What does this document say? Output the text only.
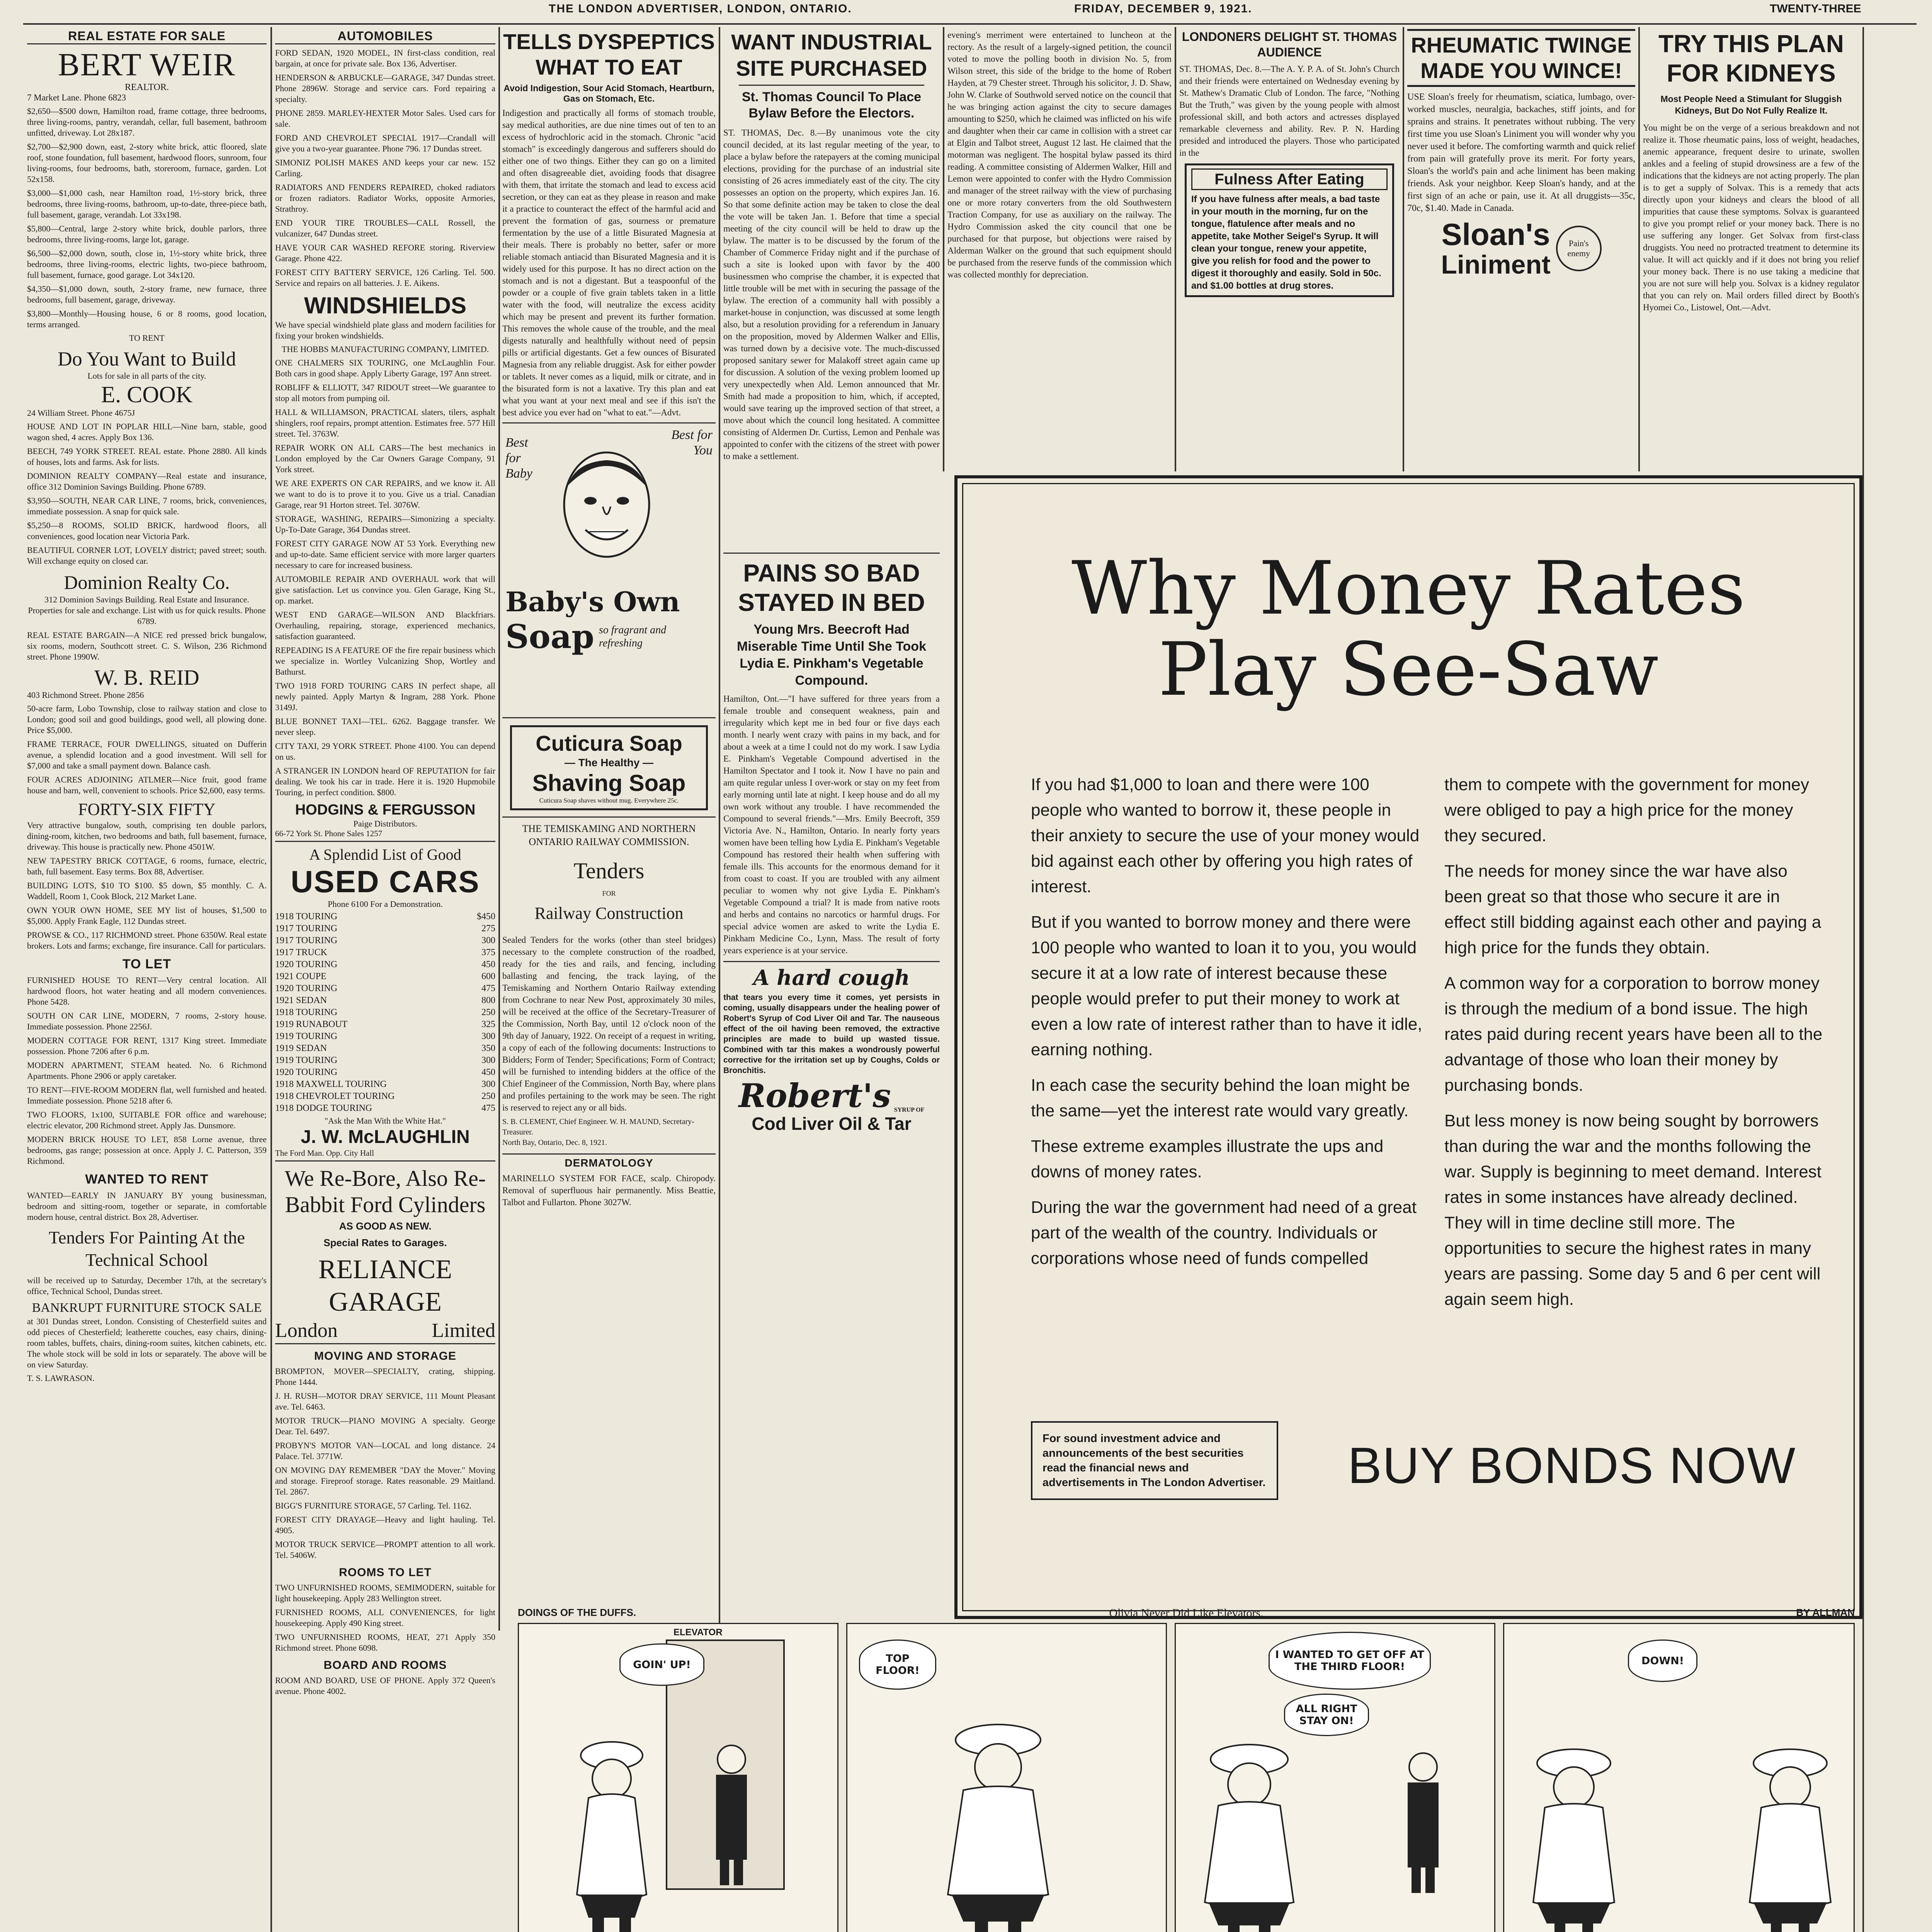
THE LONDON ADVERTISER, LONDON, ONTARIO.	FRIDAY, DECEMBER 9, 1921.	TWENTY-THREE
REAL ESTATE FOR SALE
BERT WEIR
REALTOR.
7 Market Lane. Phone 6823

$2,650—$500 down, Hamilton road, frame cottage, three bedrooms, three living-rooms, pantry, verandah, cellar, full basement, bathroom unfitted, driveway. Lot 28x187.

$2,700—$2,900 down, east, 2-story white brick, attic floored, slate roof, stone foundation, full basement, hardwood floors, sunroom, four living-rooms, four bedrooms, bath, storeroom, furnace, garden. Lot 52x158.

$3,000—$1,000 cash, near Hamilton road, 1½-story brick, three bedrooms, three living-rooms, bathroom, up-to-date, three-piece bath, full basement, garage, verandah. Lot 33x198.

$5,800—Central, large 2-story white brick, double parlors, three bedrooms, three living-rooms, large lot, garage.

$6,500—$2,000 down, south, close in, 1½-story white brick, three bedrooms, three living-rooms, electric lights, two-piece bathroom, full basement, furnace, good garage. Lot 34x120.

$4,350—$1,000 down, south, 2-story frame, new furnace, three bedrooms, full basement, garage, driveway.

$3,800—Monthly—Housing house, 6 or 8 rooms, good location, terms arranged.

TO RENT
Do You Want to Build
Lots for sale in all parts of the city.
E. COOK
24 William Street. Phone 4675J

HOUSE AND LOT IN POPLAR HILL—Nine barn, stable, good wagon shed, 4 acres. Apply Box 136.

BEECH, 749 YORK STREET. REAL estate. Phone 2880. All kinds of houses, lots and farms. Ask for lists.

DOMINION REALTY COMPANY—Real estate and insurance, office 312 Dominion Savings Building. Phone 6789.

$3,950—SOUTH, NEAR CAR LINE, 7 rooms, brick, conveniences, immediate possession. A snap for quick sale.

$5,250—8 ROOMS, SOLID BRICK, hardwood floors, all conveniences, good location near Victoria Park.

BEAUTIFUL CORNER LOT, LOVELY district; paved street; south. Will exchange equity on closed car.

Dominion Realty Co.

312 Dominion Savings Building. Real Estate and Insurance. Properties for sale and exchange. List with us for quick results. Phone 6789.

REAL ESTATE BARGAIN—A NICE red pressed brick bungalow, six rooms, modern, Southcott street. C. S. Wilson, 236 Richmond street. Phone 1990W.

W. B. REID
403 Richmond Street. Phone 2856

50-acre farm, Lobo Township, close to railway station and close to London; good soil and good buildings, good well, all plowing done. Price $5,000.

FRAME TERRACE, FOUR DWELLINGS, situated on Dufferin avenue, a splendid location and a good investment. Will sell for $7,000 and take a small payment down. Balance cash.

FOUR ACRES ADJOINING ATLMER—Nice fruit, good frame house and barn, well, convenient to schools. Price $2,600, easy terms.

FORTY-SIX FIFTY

Very attractive bungalow, south, comprising ten double parlors, dining-room, kitchen, two bedrooms and bath, full basement, furnace, driveway. This house is practically new. Phone 4501W.

NEW TAPESTRY BRICK COTTAGE, 6 rooms, furnace, electric, bath, full basement. Easy terms. Box 88, Advertiser.

BUILDING LOTS, $10 TO $100. $5 down, $5 monthly. C. A. Waddell, Room 1, Cook Block, 212 Market Lane.

OWN YOUR OWN HOME, SEE MY list of houses, $1,500 to $5,000. Apply Frank Eagle, 112 Dundas street.

PROWSE & CO., 117 RICHMOND street. Phone 6350W. Real estate brokers. Lots and farms; exchange, fire insurance. Call for particulars.

TO LET

FURNISHED HOUSE TO RENT—Very central location. All hardwood floors, hot water heating and all modern conveniences. Phone 5428.

SOUTH ON CAR LINE, MODERN, 7 rooms, 2-story house. Immediate possession. Phone 2256J.

MODERN COTTAGE FOR RENT, 1317 King street. Immediate possession. Phone 7206 after 6 p.m.

MODERN APARTMENT, STEAM heated. No. 6 Richmond Apartments. Phone 2906 or apply caretaker.

TO RENT—FIVE-ROOM MODERN flat, well furnished and heated. Immediate possession. Phone 5218 after 6.

TWO FLOORS, 1x100, SUITABLE FOR office and warehouse; electric elevator, 200 Richmond street. Apply Jas. Dunsmore.

MODERN BRICK HOUSE TO LET, 858 Lorne avenue, three bedrooms, gas range; possession at once. Apply J. C. Patterson, 359 Richmond.

WANTED TO RENT

WANTED—EARLY IN JANUARY BY young businessman, bedroom and sitting-room, together or separate, in comfortable modern house, central district. Box 28, Advertiser.

Tenders For Painting At the Technical School

will be received up to Saturday, December 17th, at the secretary's office, Technical School, Dundas street.

BANKRUPT FURNITURE STOCK SALE

at 301 Dundas street, London. Consisting of Chesterfield suites and odd pieces of Chesterfield; leatherette couches, easy chairs, dining-room tables, buffets, chairs, dining-room suites, kitchen cabinets, etc. The whole stock will be sold in lots or separately. The above will be on view Saturday.

T. S. LAWRASON.
AUTOMOBILES

FORD SEDAN, 1920 MODEL, IN first-class condition, real bargain, at once for private sale. Box 136, Advertiser.

HENDERSON & ARBUCKLE—GARAGE, 347 Dundas street. Phone 2896W. Storage and service cars. Ford repairing a specialty.

PHONE 2859. MARLEY-HEXTER Motor Sales. Used cars for sale.

FORD AND CHEVROLET SPECIAL 1917—Crandall will give you a two-year guarantee. Phone 796. 17 Dundas street.

SIMONIZ POLISH MAKES AND keeps your car new. 152 Carling.

RADIATORS AND FENDERS REPAIRED, choked radiators or frozen radiators. Radiator Works, opposite Armories, Strathroy.

END YOUR TIRE TROUBLES—CALL Rossell, the vulcanizer, 647 Dundas street.

HAVE YOUR CAR WASHED REFORE storing. Riverview Garage. Phone 422.

FOREST CITY BATTERY SERVICE, 126 Carling. Tel. 500. Service and repairs on all batteries. J. E. Aikens.

WINDSHIELDS

We have special windshield plate glass and modern facilities for fixing your broken windshields.

THE HOBBS MANUFACTURING COMPANY, LIMITED.

ONE CHALMERS SIX TOURING, one McLaughlin Four. Both cars in good shape. Apply Liberty Garage, 197 Ann street.

ROBLIFF & ELLIOTT, 347 RIDOUT street—We guarantee to stop all motors from pumping oil.

HALL & WILLIAMSON, PRACTICAL slaters, tilers, asphalt shinglers, roof repairs, prompt attention. Estimates free. 577 Hill street. Tel. 3763W.

REPAIR WORK ON ALL CARS—The best mechanics in London employed by the Car Owners Garage Company, 91 York street.

WE ARE EXPERTS ON CAR REPAIRS, and we know it. All we want to do is to prove it to you. Give us a trial. Canadian Garage, rear 91 Horton street. Tel. 3076W.

STORAGE, WASHING, REPAIRS—Simonizing a specialty. Up-To-Date Garage, 364 Dundas street.

FOREST CITY GARAGE NOW AT 53 York. Everything new and up-to-date. Same efficient service with more larger quarters necessary to care for increased business.

AUTOMOBILE REPAIR AND OVERHAUL work that will give satisfaction. Let us convince you. Glen Garage, King St., op. market.

WEST END GARAGE—WILSON AND Blackfriars. Overhauling, repairing, storage, experienced mechanics, satisfaction guaranteed.

REPEADING IS A FEATURE OF the fire repair business which we specialize in. Wortley Vulcanizing Shop, Wortley and Bathurst.

TWO 1918 FORD TOURING CARS IN perfect shape, all newly painted. Apply Martyn & Ingram, 288 York. Phone 3149J.

BLUE BONNET TAXI—TEL. 6262. Baggage transfer. We never sleep.

CITY TAXI, 29 YORK STREET. Phone 4100. You can depend on us.

A STRANGER IN LONDON heard OF REPUTATION for fair dealing. We took his car in trade. Here it is. 1920 Hupmobile Touring, in perfect condition. $800.

HODGINS & FERGUSSON
Paige Distributors.
66-72 York St. Phone Sales 1257
A Splendid List of Good
USED CARS
Phone 6100 For a Demonstration.
1918 TOURING	$450
1917 TOURING	275
1917 TOURING	300
1917 TRUCK	375
1920 TOURING	450
1921 COUPE	600
1920 TOURING	475
1921 SEDAN	800
1918 TOURING	250
1919 RUNABOUT	325
1919 TOURING	300
1919 SEDAN	350
1919 TOURING	300
1920 TOURING	450
1918 MAXWELL TOURING	300
1918 CHEVROLET TOURING	250
1918 DODGE TOURING	475
"Ask the Man With the White Hat."
J. W. McLAUGHLIN
The Ford Man. Opp. City Hall
We Re-Bore, Also Re-Babbit Ford Cylinders
AS GOOD AS NEW.
Special Rates to Garages.
RELIANCE GARAGE
London	Limited
MOVING AND STORAGE

BROMPTON, MOVER—SPECIALTY, crating, shipping. Phone 1444.

J. H. RUSH—MOTOR DRAY SERVICE, 111 Mount Pleasant ave. Tel. 6463.

MOTOR TRUCK—PIANO MOVING A specialty. George Dear. Tel. 6497.

PROBYN'S MOTOR VAN—LOCAL and long distance. 24 Palace. Tel. 3771W.

ON MOVING DAY REMEMBER "DAY the Mover." Moving and storage. Fireproof storage. Rates reasonable. 29 Maitland. Tel. 2867.

BIGG'S FURNITURE STORAGE, 57 Carling. Tel. 1162.

FOREST CITY DRAYAGE—Heavy and light hauling. Tel. 4905.

MOTOR TRUCK SERVICE—PROMPT attention to all work. Tel. 5406W.

ROOMS TO LET

TWO UNFURNISHED ROOMS, SEMIMODERN, suitable for light housekeeping. Apply 283 Wellington street.

FURNISHED ROOMS, ALL CONVENIENCES, for light housekeeping. Apply 490 King street.

TWO UNFURNISHED ROOMS, HEAT, 271 Apply 350 Richmond street. Phone 6098.

BOARD AND ROOMS

ROOM AND BOARD, USE OF PHONE. Apply 372 Queen's avenue. Phone 4002.

TELLS DYSPEPTICS WHAT TO EAT
Avoid Indigestion, Sour Acid Stomach, Heartburn, Gas on Stomach, Etc.

Indigestion and practically all forms of stomach trouble, say medical authorities, are due nine times out of ten to an excess of hydrochloric acid in the stomach. Chronic "acid stomach" is exceedingly dangerous and sufferers should do either one of two things. Either they can go on a limited and often disagreeable diet, avoiding foods that disagree with them, that irritate the stomach and lead to excess acid secretion, or they can eat as they please in reason and make it a practice to counteract the effect of the harmful acid and prevent the formation of gas, sourness or premature fermentation by the use of a little Bisurated Magnesia at their meals. There is probably no better, safer or more reliable stomach antiacid than Bisurated Magnesia and it is widely used for this purpose. It has no direct action on the stomach and is not a digestant. But a teaspoonful of the powder or a couple of five grain tablets taken in a little water with the food, will neutralize the excess acidity which may be present and prevent its further formation. This removes the whole cause of the trouble, and the meal digests naturally and healthfully without need of pepsin pills or artificial digestants. Get a few ounces of Bisurated Magnesia from any reliable druggist. Ask for either powder or tablets. It never comes as a liquid, milk or citrate, and in the bisurated form is not a laxative. Try this plan and eat what you want at your next meal and see if this isn't the best advice you ever had on "what to eat."—Advt.

Best for Baby
Best for You
Baby's Own
Soap so fragrant and refreshing
Cuticura Soap
— The Healthy —
Shaving Soap
Cuticura Soap shaves without mug. Everywhere 25c.
THE TEMISKAMING AND NORTHERN ONTARIO RAILWAY COMMISSION.
Tenders
FOR
Railway Construction

Sealed Tenders for the works (other than steel bridges) necessary to the complete construction of the roadbed, ready for the ties and rails, and fencing, including ballasting and fencing, the track laying, of the Temiskaming and Northern Ontario Railway extending from Cochrane to near New Post, approximately 30 miles, will be received at the office of the Secretary-Treasurer of the Commission, North Bay, until 12 o'clock noon of the 9th day of January, 1922. On receipt of a request in writing, a copy of each of the following documents: Instructions to Bidders; Form of Tender; Specifications; Form of Contract; will be furnished to intending bidders at the office of the Chief Engineer of the Commission, North Bay, where plans and profiles pertaining to the work may be seen. The right is reserved to reject any or all bids.

S. B. CLEMENT, Chief Engineer. W. H. MAUND, Secretary-Treasurer.
North Bay, Ontario, Dec. 8, 1921.
DERMATOLOGY

MARINELLO SYSTEM FOR FACE, scalp. Chiropody. Removal of superfluous hair permanently. Miss Beattie, Talbot and Fullarton. Phone 3027W.

WANT INDUSTRIAL SITE PURCHASED
St. Thomas Council To Place Bylaw Before the Electors.

ST. THOMAS, Dec. 8.—By unanimous vote the city council decided, at its last regular meeting of the year, to place a bylaw before the ratepayers at the coming municipal elections, providing for the purchase of an industrial site consisting of 26 acres immediately east of the city. The city possesses an option on the property, which expires Jan. 16. So that some definite action may be taken to close the deal the vote will be taken Jan. 1. Before that time a special meeting of the city council will be held to draw up the bylaw. The matter is to be discussed by the forum of the Chamber of Commerce Friday night and if the purchase of such a site is looked upon with favor by the 400 businessmen who comprise the chamber, it is expected that little trouble will be met with in securing the passage of the bylaw. The erection of a community hall with possibly a market-house in conjunction, was discussed at some length also, but a resolution providing for a referendum in January on the proposition, moved by Aldermen Walker and Ellis, was turned down by a decisive vote. The much-discussed proposed sanitary sewer for Malakoff street again came up for discussion. A solution of the vexing problem loomed up very unexpectedly when Ald. Lemon announced that Mr. Smith had made a proposition to him, which, if accepted, would save tearing up the improved section of that street, a move about which the council long hesitated. A committee consisting of Aldermen Dr. Curtiss, Lemon and Penhale was appointed to confer with the citizens of the street with power to make a settlement.

PAINS SO BAD STAYED IN BED
Young Mrs. Beecroft Had Miserable Time Until She Took Lydia E. Pinkham's Vegetable Compound.

Hamilton, Ont.—"I have suffered for three years from a female trouble and consequent weakness, pain and irregularity which kept me in bed four or five days each month. I nearly went crazy with pains in my back, and for about a week at a time I could not do my work. I saw Lydia E. Pinkham's Vegetable Compound advertised in the Hamilton Spectator and I took it. Now I have no pain and am quite regular unless I over-work or stay on my feet from early morning until late at night. I keep house and do all my own work without any trouble. I have recommended the Compound to several friends."—Mrs. Emily Beecroft, 359 Victoria Ave. N., Hamilton, Ontario. In nearly forty years women have been telling how Lydia E. Pinkham's Vegetable Compound has restored their health when suffering with female ills. This accounts for the enormous demand for it from coast to coast. If you are troubled with any ailment peculiar to women why not give Lydia E. Pinkham's Vegetable Compound a trial? It is made from native roots and herbs and contains no narcotics or harmful drugs. For special advice women are asked to write the Lydia E. Pinkham Medicine Co., Lynn, Mass. The result of forty years experience is at your service.

A hard cough

that tears you every time it comes, yet persists in coming, usually disappears under the healing power of Robert's Syrup of Cod Liver Oil and Tar. The nauseous effect of the oil having been removed, the extractive principles are made to build up wasted tissue. Combined with tar this makes a wondrously powerful corrective for the irritation set up by Coughs, Colds or Bronchitis.

Robert's SYRUP OF
Cod Liver Oil & Tar

evening's merriment were entertained to luncheon at the rectory. As the result of a largely-signed petition, the council voted to move the polling booth in division No. 5, from Wilson street, this side of the bridge to the home of Robert Hayden, at 79 Chester street. Through his solicitor, J. D. Shaw, John W. Clarke of Southwold served notice on the council that he was bringing action against the city to secure damages amounting to $250, which he claimed was inflicted on his wife and daughter when their car came in collision with a street car at Elgin and Talbot street, August 12 last. He claimed that the motorman was negligent. The hospital bylaw passed its third reading. A committee consisting of Aldermen Walker, Hill and Lemon were appointed to confer with the Hydro Commission and manager of the street railway with the view of purchasing one or more rotary converters from the old Southwestern Traction Company, for use as auxiliary on the railway. The Hydro Commission asked the city council that one be purchased for that purpose, but objections were raised by Alderman Walker on the ground that such equipment should be purchased from the reserve funds of the commission which was collected monthly for depreciation.

LONDONERS DELIGHT ST. THOMAS AUDIENCE

ST. THOMAS, Dec. 8.—The A. Y. P. A. of St. John's Church and their friends were entertained on Wednesday evening by St. Mathew's Dramatic Club of London. The farce, "Nothing But the Truth," was given by the young people with almost professional skill, and both actors and actresses displayed remarkable cleverness and ability. Rev. P. N. Harding presided and introduced the players. Those who participated in the

Fulness After Eating

If you have fulness after meals, a bad taste in your mouth in the morning, fur on the tongue, flatulence after meals and no appetite, take Mother Seigel's Syrup. It will clean your tongue, renew your appetite, give you relish for food and the power to digest it thoroughly and easily. Sold in 50c. and $1.00 bottles at drug stores.

RHEUMATIC TWINGE MADE YOU WINCE!

USE Sloan's freely for rheumatism, sciatica, lumbago, over-worked muscles, neuralgia, backaches, stiff joints, and for sprains and strains. It penetrates without rubbing. The very first time you use Sloan's Liniment you will wonder why you never used it before. The comforting warmth and quick relief from pain will gratefully prove its merit. For forty years, Sloan's the world's pain and ache liniment has been making friends. Ask your neighbor. Keep Sloan's handy, and at the first sign of an ache or pain, use it. At all druggists—35c, 70c, $1.40. Made in Canada.

Sloan's
Liniment
Pain's enemy
TRY THIS PLAN FOR KIDNEYS
Most People Need a Stimulant for Sluggish Kidneys, But Do Not Fully Realize It.

You might be on the verge of a serious breakdown and not realize it. Those rheumatic pains, loss of weight, headaches, anemic appearance, frequent desire to urinate, swollen ankles and a feeling of stupid drowsiness are a few of the indications that the kidneys are not acting properly. The plan is to get a supply of Solvax. This is a remedy that acts directly upon your kidneys and clears the blood of all impurities that cause these symptoms. Solvax is guaranteed to give you prompt relief or your money back. There is no use suffering any longer. Get Solvax from first-class druggists. You need no protracted treatment to determine its value. It will act quickly and if it does not bring you relief your money back. There is no use taking a medicine that you are not sure will help you. Solvax is a kidney regulator that you can rely on. Mail orders filled direct by Booth's Hyomei Co., Listowel, Ont.—Advt.

Why Money Rates
Play See-Saw

If you had $1,000 to loan and there were 100 people who wanted to borrow it, these people in their anxiety to secure the use of your money would bid against each other by offering you high rates of interest.

But if you wanted to borrow money and there were 100 people who wanted to loan it to you, you would secure it at a low rate of interest because these people would prefer to put their money to work at even a low rate of interest rather than to have it idle, earning nothing.

In each case the security behind the loan might be the same—yet the interest rate would vary greatly.

These extreme examples illustrate the ups and downs of money rates.

During the war the government had need of a great part of the wealth of the country. Individuals or corporations whose need of funds compelled

them to compete with the government for money were obliged to pay a high price for the money they secured.

The needs for money since the war have also been great so that those who secure it are in effect still bidding against each other and paying a high price for the funds they obtain.

A common way for a corporation to borrow money is through the medium of a bond issue. The high rates paid during recent years have been all to the advantage of those who loan their money by purchasing bonds.

But less money is now being sought by borrowers than during the war and the months following the war. Supply is beginning to meet demand. Interest rates in some instances have already declined. They will in time decline still more. The opportunities to secure the highest rates in many years are passing. Some day 5 and 6 per cent will again seem high.

For sound investment advice and announcements of the best securities read the financial news and advertisements in The London Advertiser.	BUY BONDS NOW
DOINGS OF THE DUFFS.	Olivia Never Did Like Elevators.	BY ALLMAN
ELEVATOR
GOIN' UP!	TOP FLOOR!
I WANTED TO GET OFF AT THE THIRD FLOOR!
ALL RIGHT STAY ON!
DOWN!
